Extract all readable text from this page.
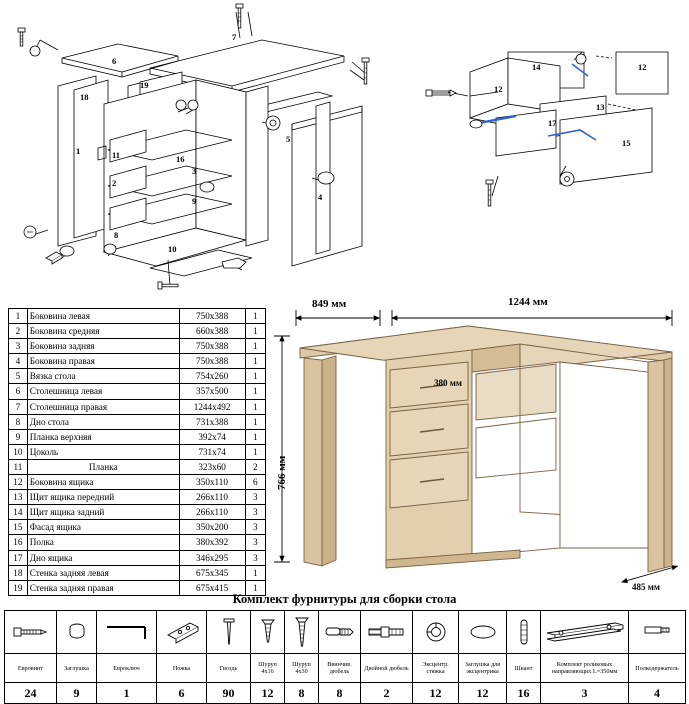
1	Боковина левая	750x388	1
2	Боковина средняя	660x388	1
3	Боковина задняя	750x388	1
4	Боковина правая	750x388	1
5	Вязка стола	754x260	1
6	Столешница левая	357x500	1
7	Столешница правая	1244x492	1
8	Дно стола	731x388	1
9	Планка верхняя	392x74	1
10	Цоколь	731x74	1
11	Планка	323x60	2
12	Боковина ящика	350x110	6
13	Щит ящика передний	266x110	3
14	Щит ящика задний	266x110	3
15	Фасад ящика	350x200	3
16	Полка	380x392	3
17	Дно ящика	346x295	3
18	Стенка задняя левая	675x345	1
19	Стенка задняя правая	675x415	1
849 мм	1244 мм
766 мм
380 мм
485 мм
6
7
19
18
1	11
2
8
10
16
3
9
5
4
14	12
12
13
17
15
Комплект фурнитуры для сборки стола

Евровинт	Заглушка	Евроключ	Ножка	Гвоздь	Шуруп 4х16	Шуруп 4х30	Ввинчив. дюбель	Двойной дюбель	Эксцентр. стяжка	Заглушка для эксцентрика	Шкант	Комплект роликовых направляющих L=350мм	Полкодержатель
24	9	1	6	90	12	8	8	2	12	12	16	3	4
